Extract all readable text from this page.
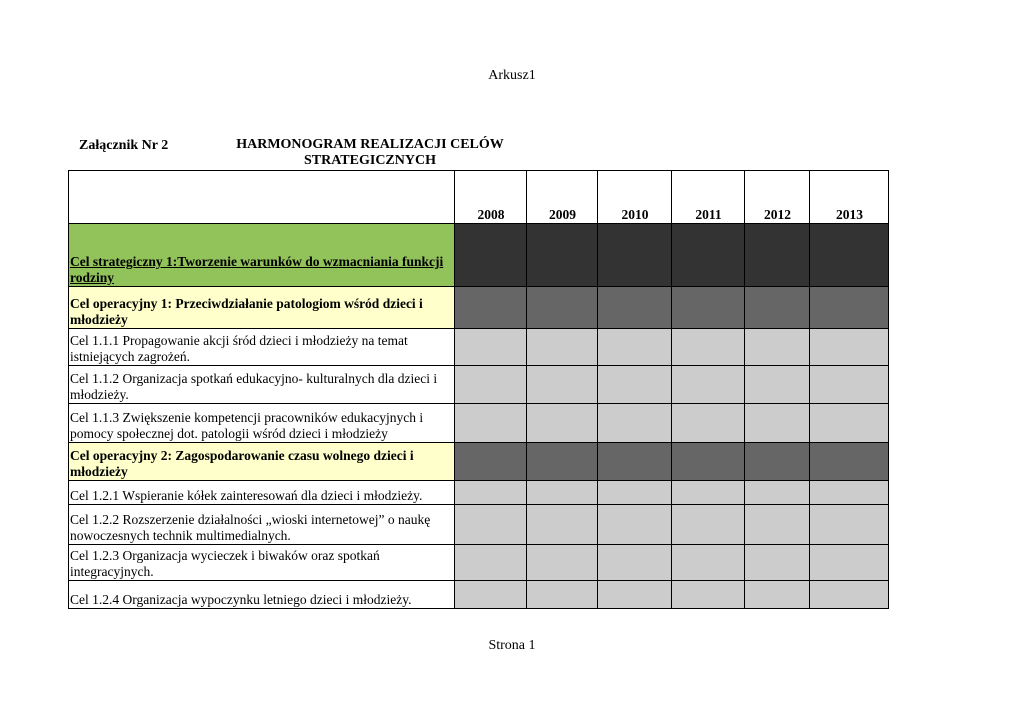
Arkusz1
Załącznik Nr 2	HARMONOGRAM REALIZACJI CELÓW STRATEGICZNYCH
	2008	2009	2010	2011	2012	2013
Cel strategiczny 1:Tworzenie warunków do wzmacniania funkcji rodziny						
Cel operacyjny 1: Przeciwdziałanie patologiom wśród dzieci i młodzieży						
Cel 1.1.1 Propagowanie akcji śród dzieci i młodzieży na temat istniejących zagrożeń.						
Cel 1.1.2 Organizacja spotkań edukacyjno- kulturalnych dla dzieci i młodzieży.						
Cel 1.1.3 Zwiększenie kompetencji pracowników edukacyjnych i pomocy społecznej dot. patologii wśród dzieci i młodzieży						
Cel operacyjny 2: Zagospodarowanie czasu wolnego dzieci i młodzieży						
Cel 1.2.1 Wspieranie kółek zainteresowań dla dzieci i młodzieży.						
Cel 1.2.2 Rozszerzenie działalności „wioski internetowej” o naukę nowoczesnych technik multimedialnych.						
Cel 1.2.3 Organizacja wycieczek i biwaków oraz spotkań integracyjnych.						
Cel 1.2.4 Organizacja wypoczynku letniego dzieci i młodzieży.						
Strona 1
